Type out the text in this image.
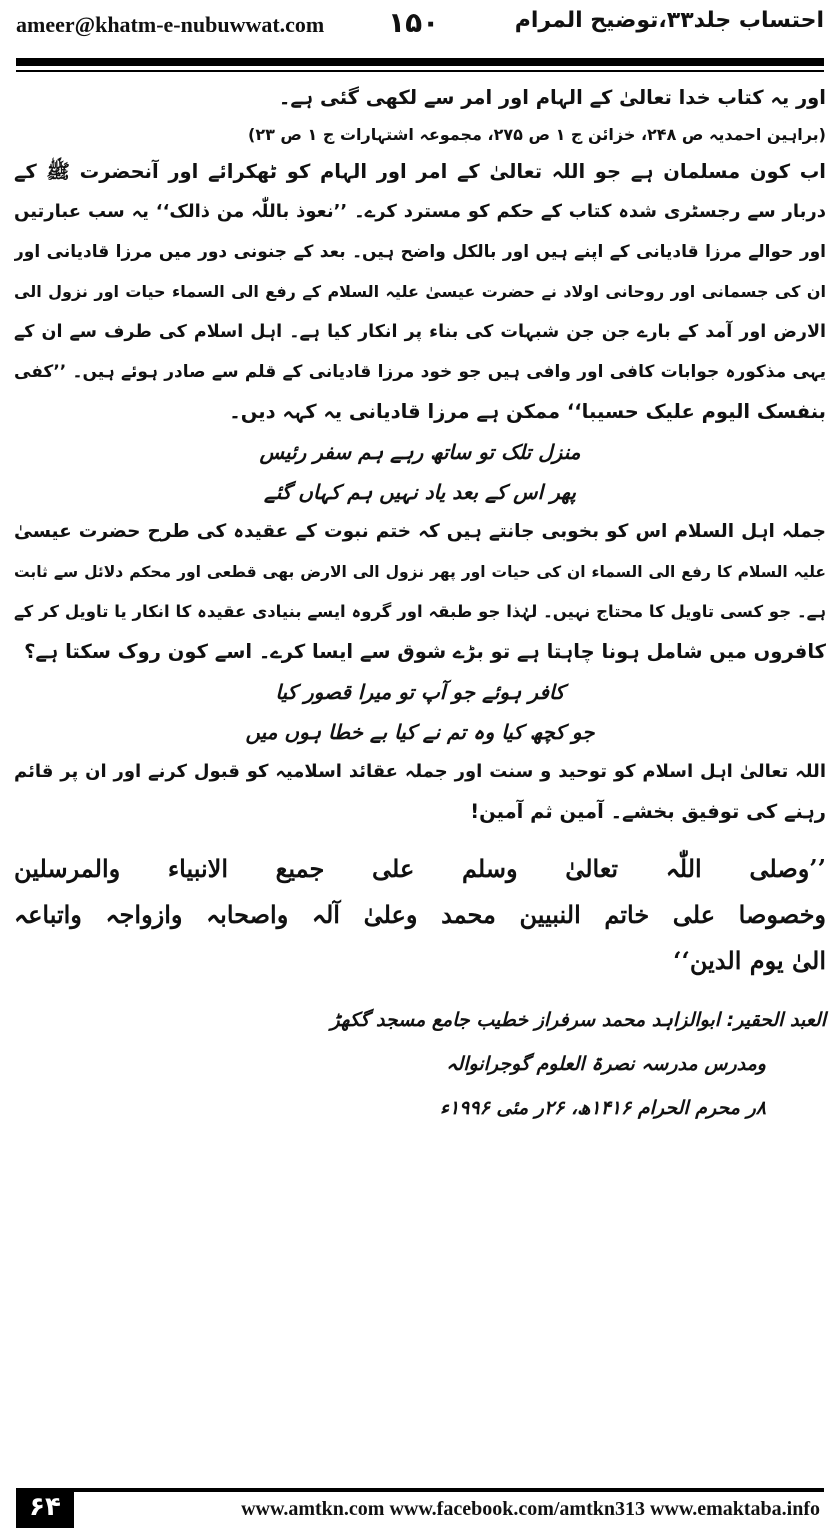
ameer@khatm-e-nubuwwat.com ۱۵۰	احتساب جلد۳۳،توضیح المرام
اور یہ کتاب خدا تعالیٰ کے الہام اور امر سے لکھی گئی ہے۔
(براہین احمدیہ ص ۲۴۸، خزائن ج ۱ ص ۲۷۵، مجموعہ اشتہارات ج ۱ ص ۲۳)
اب کون مسلمان ہے جو اللہ تعالیٰ کے امر اور الہام کو ٹھکرائے اور آنحضرت ﷺ کے
دربار سے رجسٹری شدہ کتاب کے حکم کو مسترد کرے۔ ’’نعوذ باللّٰہ من ذالک‘‘ یہ سب عبارتیں
اور حوالے مرزا قادیانی کے اپنے ہیں اور بالکل واضح ہیں۔ بعد کے جنونی دور میں مرزا قادیانی اور
ان کی جسمانی اور روحانی اولاد نے حضرت عیسیٰ علیہ السلام کے رفع الی السماء حیات اور نزول الی
الارض اور آمد کے بارے جن جن شبہات کی بناء پر انکار کیا ہے۔ اہل اسلام کی طرف سے ان کے
یہی مذکورہ جوابات کافی اور وافی ہیں جو خود مرزا قادیانی کے قلم سے صادر ہوئے ہیں۔ ’’کفی
بنفسک الیوم علیک حسیبا‘‘ ممکن ہے مرزا قادیانی یہ کہہ دیں۔
منزل تلک تو ساتھ رہے ہم سفر رئیس
پھر اس کے بعد یاد نہیں ہم کہاں گئے
جملہ اہل السلام اس کو بخوبی جانتے ہیں کہ ختم نبوت کے عقیدہ کی طرح حضرت عیسیٰ
علیہ السلام کا رفع الی السماء ان کی حیات اور پھر نزول الی الارض بھی قطعی اور محکم دلائل سے ثابت
ہے۔ جو کسی تاویل کا محتاج نہیں۔ لہٰذا جو طبقہ اور گروہ ایسے بنیادی عقیدہ کا انکار یا تاویل کر کے
کافروں میں شامل ہونا چاہتا ہے تو بڑے شوق سے ایسا کرے۔ اسے کون روک سکتا ہے؟
کافر ہوئے جو آپ تو میرا قصور کیا
جو کچھ کیا وہ تم نے کیا بے خطا ہوں میں
اللہ تعالیٰ اہل اسلام کو توحید و سنت اور جملہ عقائد اسلامیہ کو قبول کرنے اور ان پر قائم
رہنے کی توفیق بخشے۔ آمین ثم آمین!
’’وصلی اللّٰہ تعالیٰ وسلم علی جمیع الانبیاء والمرسلین
وخصوصا علی خاتم النبیین محمد وعلیٰ آلہ واصحابہ وازواجہ واتباعہ
الیٰ یوم الدین‘‘
العبد الحقیر: ابوالزاہد محمد سرفراز خطیب جامع مسجد گکھڑ
ومدرس مدرسہ نصرۃ العلوم گوجرانوالہ
۸ر محرم الحرام ۱۴۱۶ھ، ۲۶ر مئی ۱۹۹۶ء
۶۴	www.amtkn.com www.facebook.com/amtkn313 www.emaktaba.info
